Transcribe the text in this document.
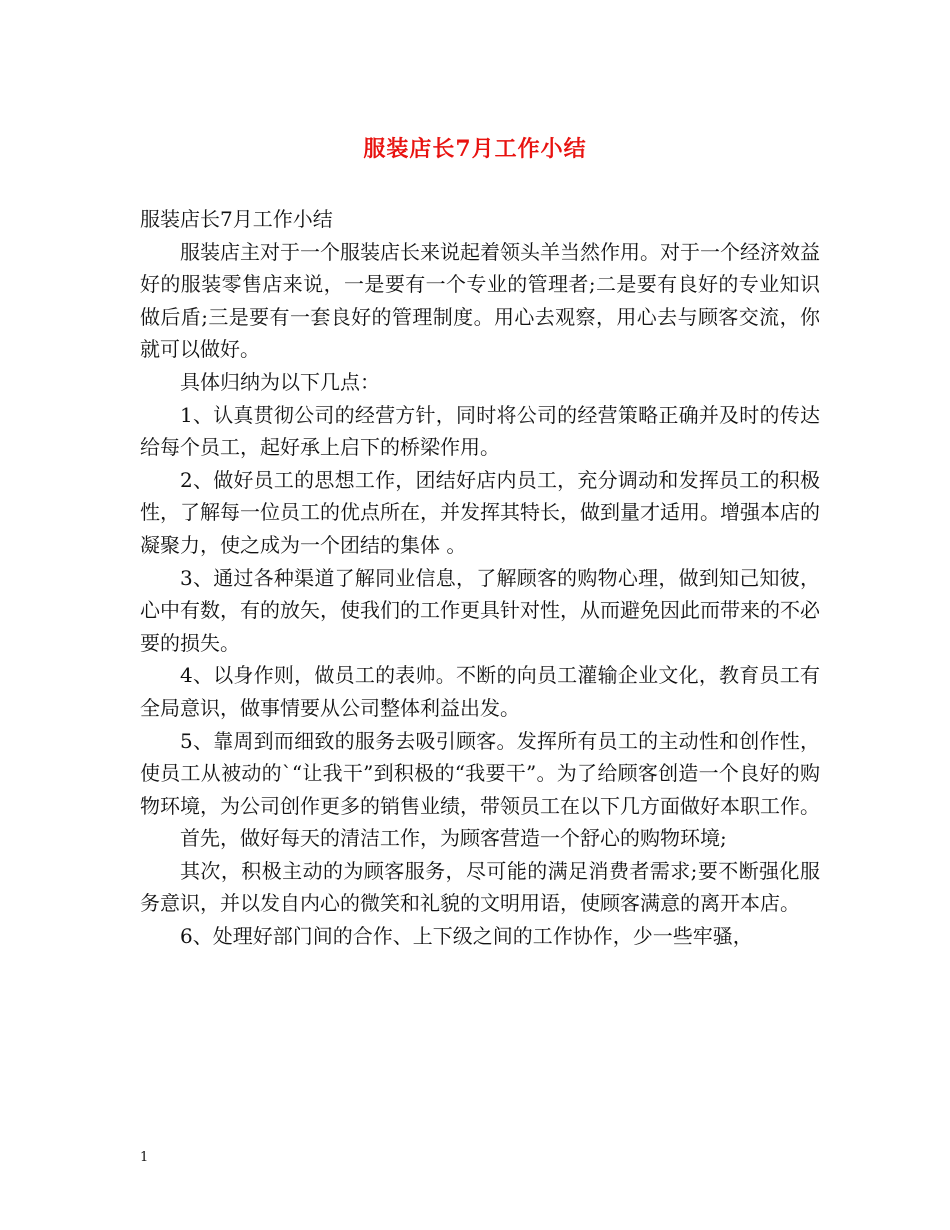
服装店长7月工作小结

服装店长7月工作小结

服装店主对于一个服装店长来说起着领头羊当然作用。对于一个经济效益好的服装零售店来说，一是要有一个专业的管理者;二是要有良好的专业知识做后盾;三是要有一套良好的管理制度。用心去观察，用心去与顾客交流，你就可以做好。

具体归纳为以下几点：

1、认真贯彻公司的经营方针，同时将公司的经营策略正确并及时的传达给每个员工，起好承上启下的桥梁作用。

2、做好员工的思想工作，团结好店内员工，充分调动和发挥员工的积极性，了解每一位员工的优点所在，并发挥其特长，做到量才适用。增强本店的凝聚力，使之成为一个团结的集体 。

3、通过各种渠道了解同业信息，了解顾客的购物心理，做到知己知彼，心中有数，有的放矢，使我们的工作更具针对性，从而避免因此而带来的不必要的损失。

4、以身作则，做员工的表帅。不断的向员工灌输企业文化，教育员工有全局意识，做事情要从公司整体利益出发。

5、靠周到而细致的服务去吸引顾客。发挥所有员工的主动性和创作性，使员工从被动的`“让我干”到积极的“我要干”。为了给顾客创造一个良好的购物环境，为公司创作更多的销售业绩，带领员工在以下几方面做好本职工作。

首先，做好每天的清洁工作，为顾客营造一个舒心的购物环境;

其次，积极主动的为顾客服务，尽可能的满足消费者需求;要不断强化服务意识，并以发自内心的微笑和礼貌的文明用语，使顾客满意的离开本店。

6、处理好部门间的合作、上下级之间的工作协作，少一些牢骚，

1
